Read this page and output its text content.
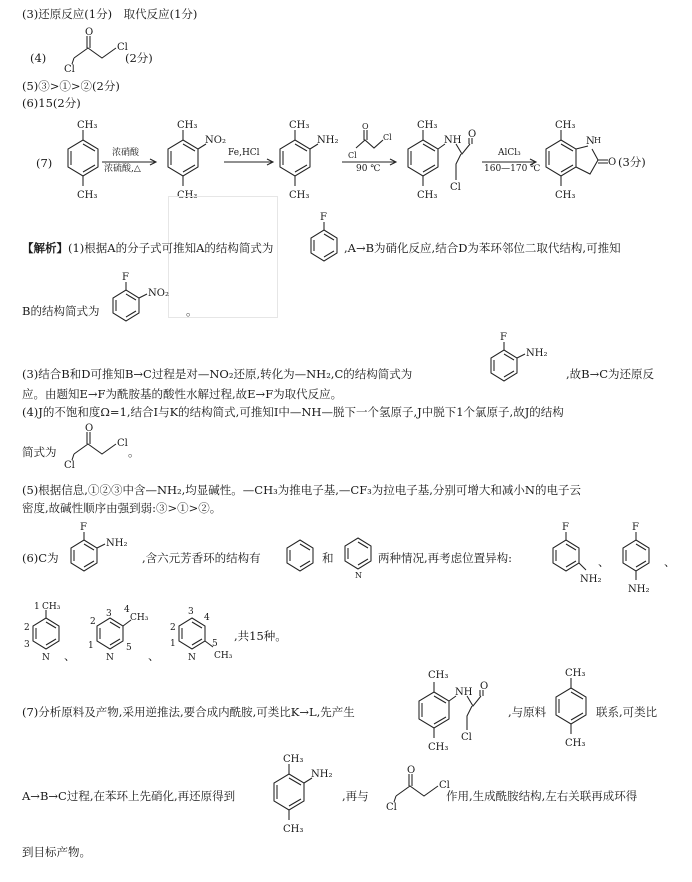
(3)还原反应(1分)　取代反应(1分)
(4)
O
Cl
Cl
(2分)
(5)③>①>②(2分)
(6)15(2分)
(7)
CH₃
CH₃
浓硝酸
浓硫酸,△
CH₃
NO₂
CH₃
Fe,HCl
CH₃
NH₂
CH₃
O
Cl
Cl
90 ℃
CH₃
NH
O
Cl
CH₃
AlCl₃
160—170 ℃
CH₃
N H
O
CH₃
(3分)
【解析】(1)根据A的分子式可推知A的结构简式为
F
,A→B为硝化反应,结合D为苯环邻位二取代结构,可推知
B的结构简式为
F
NO₂
。
(3)结合B和D可推知B→C过程是对—NO₂还原,转化为—NH₂,C的结构简式为
F
NH₂
,故B→C为还原反
应。由题知E→F为酰胺基的酸性水解过程,故E→F为取代反应。
(4)J的不饱和度Ω=1,结合I与K的结构简式,可推知I中—NH—脱下一个氢原子,J中脱下1个氯原子,故J的结构
简式为
O
Cl
Cl
。
(5)根据信息,①②③中含—NH₂,均显碱性。—CH₃为推电子基,—CF₃为拉电子基,分别可增大和减小N的电子云
密度,故碱性顺序由强到弱:③>①>②。
(6)C为
F
NH₂
,含六元芳香环的结构有	和
N
两种情况,再考虑位置异构:
F
NH₂
、
F
NH₂
、
1 CH₃
2
3
N 、
4
CH₃
2
3
1
N
5
、
3
4
2
1
N
5
CH₃
,共15种。
(7)分析原料及产物,采用逆推法,要合成内酰胺,可类比K→L,先产生
CH₃
NH
O
Cl
CH₃
,与原料
CH₃
CH₃
联系,可类比
A→B→C过程,在苯环上先硝化,再还原得到
CH₃
NH₂
CH₃
,再与
O
Cl
Cl
作用,生成酰胺结构,左右关联再成环得
到目标产物。
